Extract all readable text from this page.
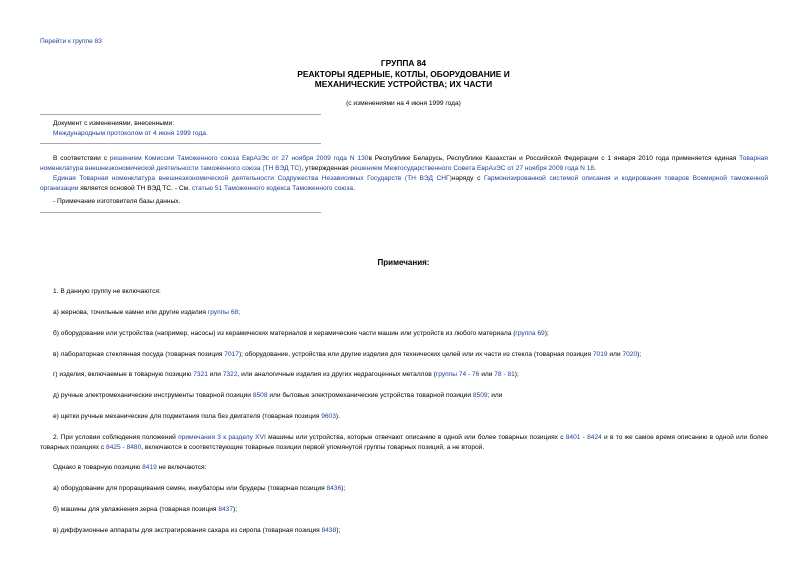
Перейти к группе 83
ГРУППА 84
РЕАКТОРЫ ЯДЕРНЫЕ, КОТЛЫ, ОБОРУДОВАНИЕ И
МЕХАНИЧЕСКИЕ УСТРОЙСТВА; ИХ ЧАСТИ
(с изменениями на 4 июня 1999 года)
Документ с изменениями, внесенными:
Международным протоколом от 4 июня 1999 года.
В соответствии с решением Комиссии Таможенного союза ЕврАзЭс от 27 ноября 2009 года N 130в Республике Беларусь, Республике Казахстан и Российской Федерации с 1 января 2010 года применяется единая Товарная номенклатура внешнеэкономической деятельности таможенного союза (ТН ВЭД ТС), утвержденная решением Межгосударственного Совета ЕврАзЭС от 27 ноября 2009 года N 18.
Единая Товарная номенклатура внешнеэкономической деятельности Содружества Независимых Государств (ТН ВЭД СНГ)наряду с Гармонизированной системой описания и кодирования товаров Всемирной таможенной организации является основой ТН ВЭД ТС. - См. статью 51 Таможенного кодекса Таможенного союза.
- Примечание изготовителя базы данных.
Примечания:
1. В данную группу не включаются:
а) жернова, точильные камни или другие изделия группы 68;
б) оборудование или устройства (например, насосы) из керамических материалов и керамические части машин или устройств из любого материала (группа 69);
в) лабораторная стеклянная посуда (товарная позиция 7017); оборудование, устройства или другие изделия для технических целей или их части из стекла (товарная позиция 7019 или 7020);
г) изделия, включаемые в товарную позицию 7321 или 7322, или аналогичные изделия из других недрагоценных металлов (группы 74 - 76 или 78 - 81);
д) ручные электромеханические инструменты товарной позиции 8508 или бытовые электромеханические устройства товарной позиции 8509; или
е) щетки ручные механические для подметания пола без двигателя (товарная позиция 9603).
2. При условии соблюдения положений примечания 3 к разделу XVI машины или устройства, которые отвечают описанию в одной или более товарных позициях с 8401 - 8424 и в то же самое время описанию в одной или более товарных позициях с 8425 - 8480, включаются в соответствующие товарные позиции первой упомянутой группы товарных позиций, а не второй.
Однако в товарную позицию 8419 не включаются:
а) оборудование для проращивания семян, инкубаторы или брудеры (товарная позиция 8436);
б) машины для увлажнения зерна (товарная позиция 8437);
в) диффузионные аппараты для экстрагирования сахара из сиропа (товарная позиция 8438);
